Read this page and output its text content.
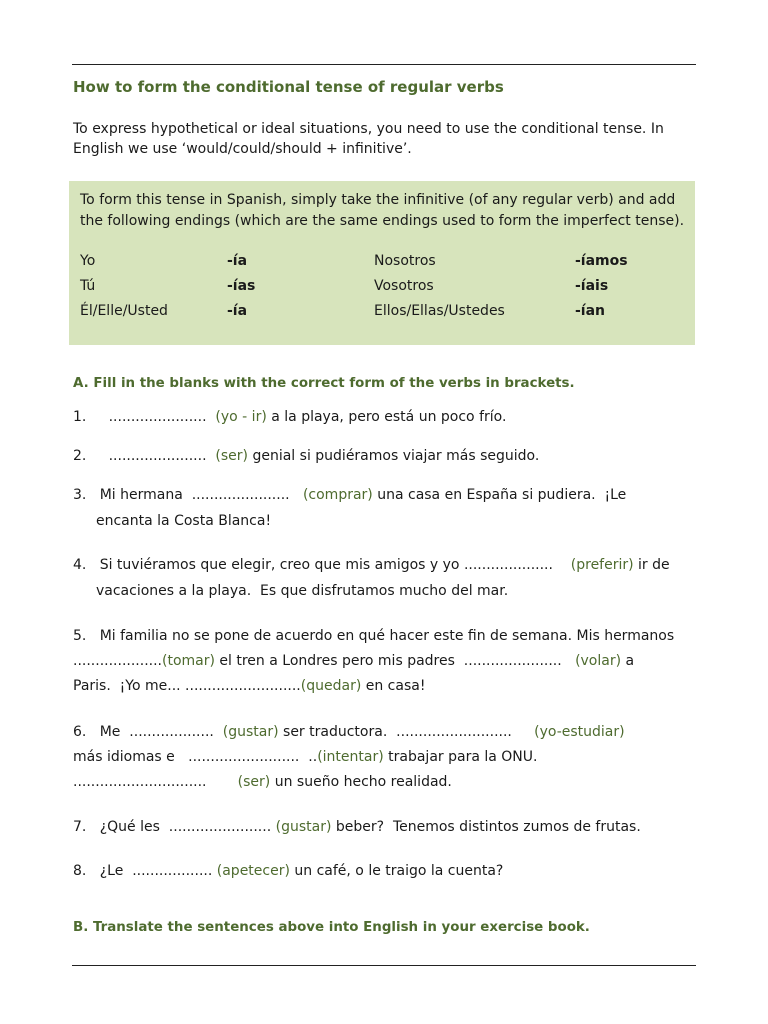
How to form the conditional tense of regular verbs
To express hypothetical or ideal situations, you need to use the conditional tense. In English we use ‘would/could/should + infinitive’.
To form this tense in Spanish, simply take the infinitive (of any regular verb) and add the following endings (which are the same endings used to form the imperfect tense).
Yo	-ía	Nosotros	-íamos
Tú	-ías	Vosotros	-íais
Él/Elle/Usted	-ía	Ellos/Ellas/Ustedes	-ían
A. Fill in the blanks with the correct form of the verbs in brackets.
1.     ......................  (yo - ir) a la playa, pero está un poco frío.
2.     ......................  (ser) genial si pudiéramos viajar más seguido.
3.   Mi hermana  ......................   (comprar) una casa en España si pudiera.  ¡Le
encanta la Costa Blanca!
4.   Si tuviéramos que elegir, creo que mis amigos y yo ....................    (preferir) ir de
vacaciones a la playa.  Es que disfrutamos mucho del mar.
5.   Mi familia no se pone de acuerdo en qué hacer este fin de semana. Mis hermanos
....................(tomar) el tren a Londres pero mis padres  ......................   (volar) a
Paris.  ¡Yo me... ..........................(quedar) en casa!
6.   Me  ...................  (gustar) ser traductora.  ..........................     (yo-estudiar)
más idiomas e   .........................  ..(intentar) trabajar para la ONU.
..............................       (ser) un sueño hecho realidad.
7.   ¿Qué les  ....................... (gustar) beber?  Tenemos distintos zumos de frutas.
8.   ¿Le  .................. (apetecer) un café, o le traigo la cuenta?
B. Translate the sentences above into English in your exercise book.
